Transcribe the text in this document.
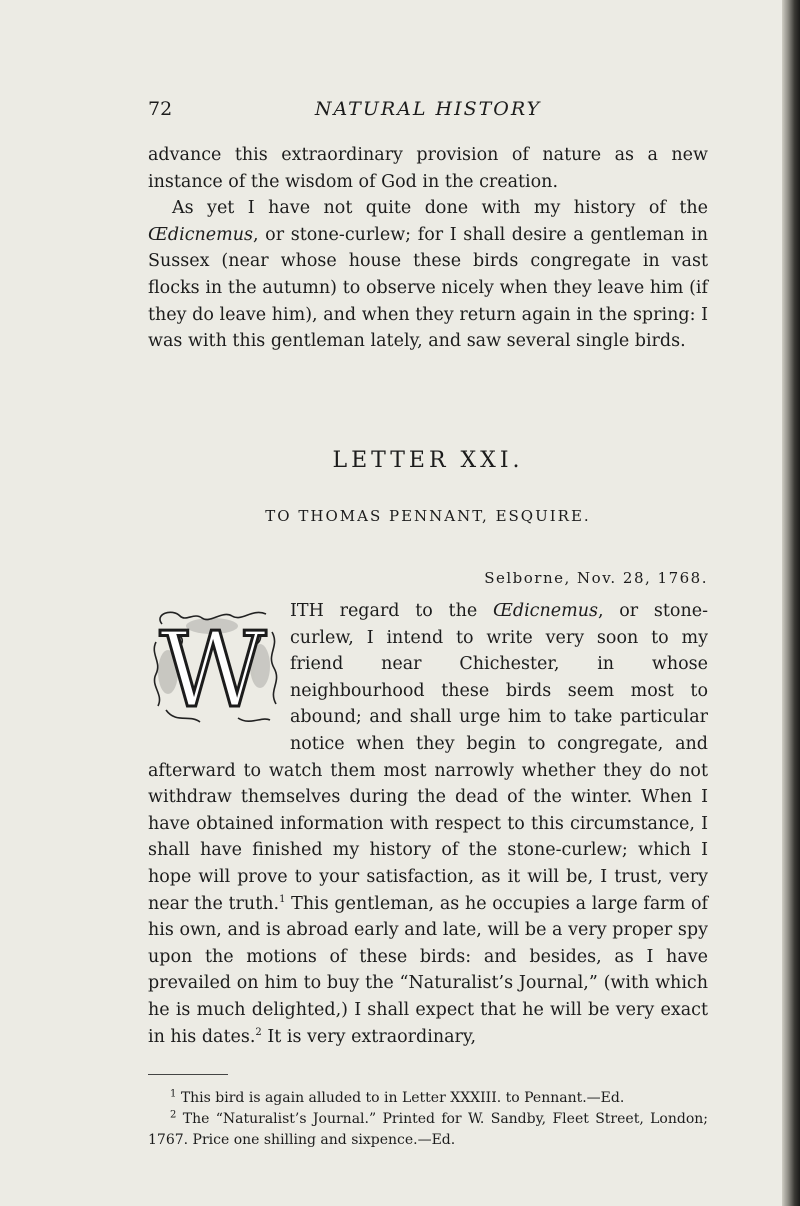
72	NATURAL HISTORY

advance this extraordinary provision of nature as a new instance of the wisdom of God in the creation.

As yet I have not quite done with my history of the Œdicnemus, or stone-curlew; for I shall desire a gentleman in Sussex (near whose house these birds congregate in vast flocks in the autumn) to observe nicely when they leave him (if they do leave him), and when they return again in the spring: I was with this gentleman lately, and saw several single birds.

LETTER XXI.
TO THOMAS PENNANT, ESQUIRE.
Selborne, Nov. 28, 1768.
W ITH regard to the Œdicnemus, or stone-curlew, I intend to write very soon to my friend near Chichester, in whose neighbourhood these birds seem most to abound; and shall urge him to take particular notice when they begin to congregate, and afterward to watch them most narrowly whether they do not withdraw themselves during the dead of the winter. When I have obtained information with respect to this circumstance, I shall have finished my history of the stone-curlew; which I hope will prove to your satisfaction, as it will be, I trust, very near the truth.$^1$ This gentleman, as he occupies a large farm of his own, and is abroad early and late, will be a very proper spy upon the motions of these birds: and besides, as I have prevailed on him to buy the “Naturalist’s Journal,” (with which he is much delighted,) I shall expect that he will be very exact in his dates.$^2$ It is very extraordinary,

$^1$ This bird is again alluded to in Letter XXXIII. to Pennant.—Ed.

$^2$ The “Naturalist’s Journal.” Printed for W. Sandby, Fleet Street, London; 1767. Price one shilling and sixpence.—Ed.
